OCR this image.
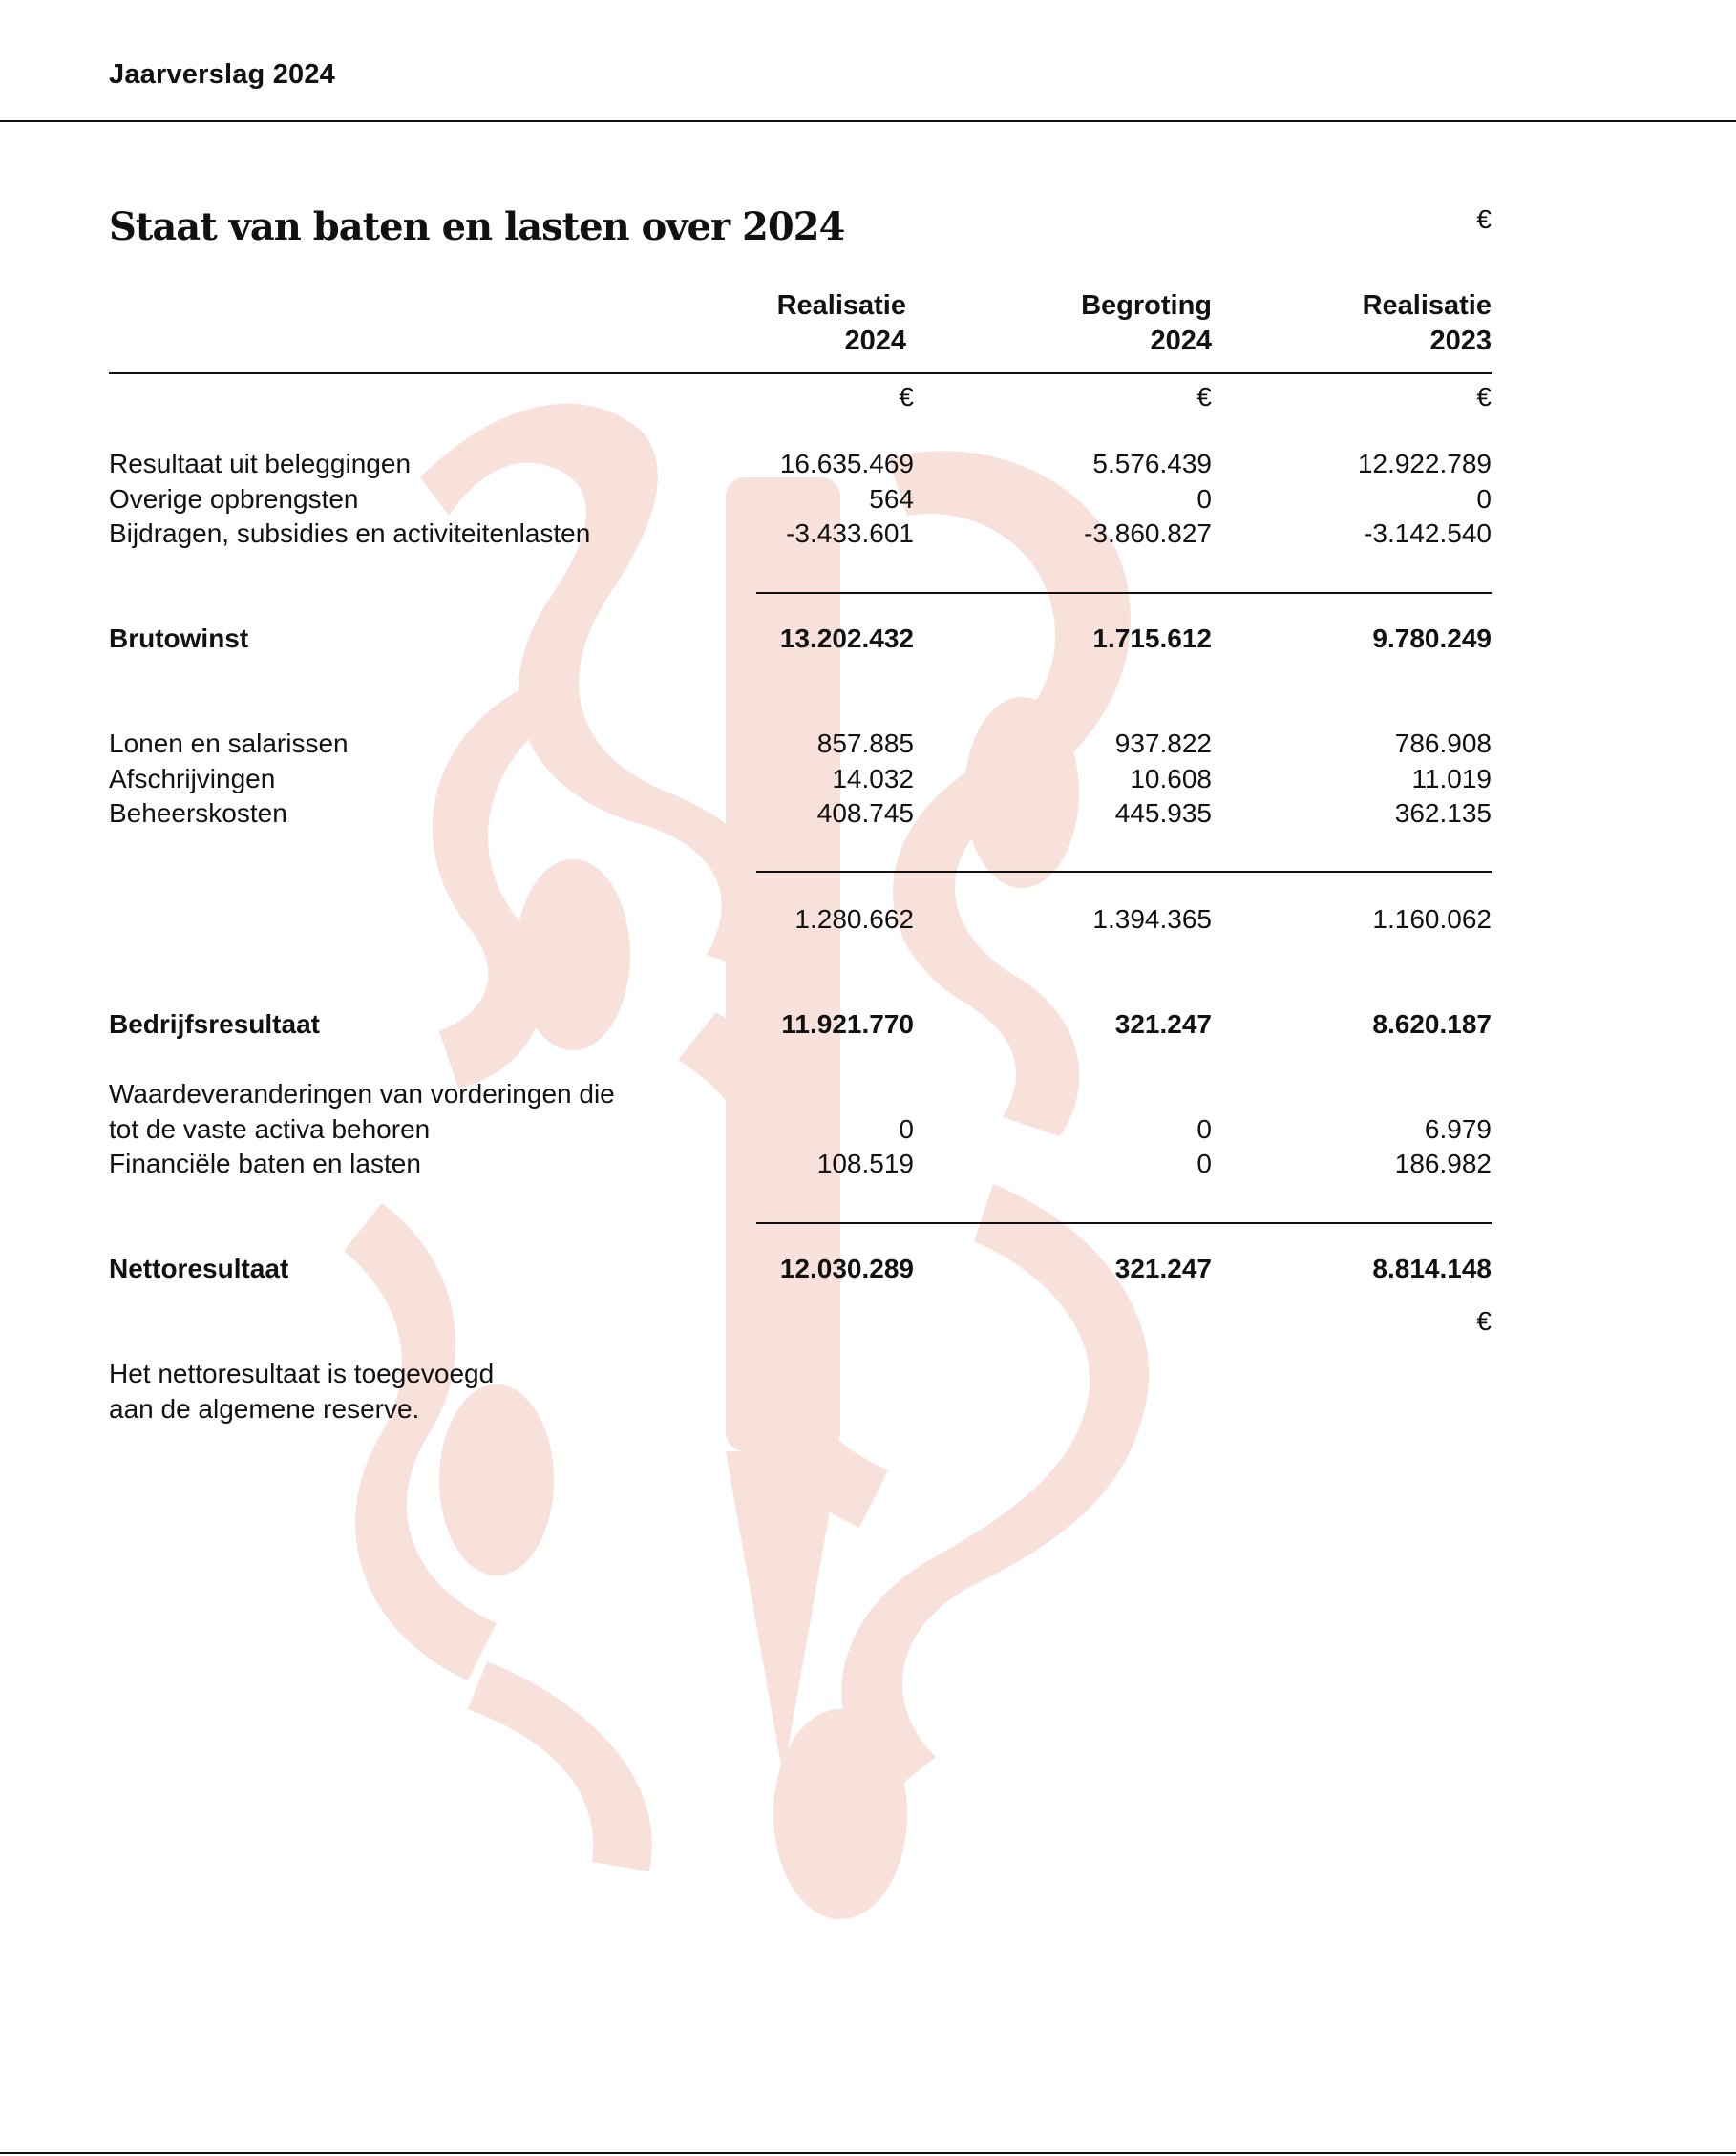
Jaarverslag 2024
Staat van baten en lasten over 2024	€
Realisatie
2024
Begroting
2024
Realisatie
2023
€	€	€
Resultaat uit beleggingen	16.635.469	5.576.439	12.922.789
Overige opbrengsten	564	0	0
Bijdragen, subsidies en activiteitenlasten	-3.433.601	-3.860.827	-3.142.540
Brutowinst	13.202.432	1.715.612	9.780.249
Lonen en salarissen	857.885	937.822	786.908
Afschrijvingen	14.032	10.608	11.019
Beheerskosten	408.745	445.935	362.135
1.280.662	1.394.365	1.160.062
Bedrijfsresultaat	11.921.770	321.247	8.620.187
Waardeveranderingen van vorderingen die
tot de vaste activa behoren	0	0	6.979
Financiële baten en lasten	108.519	0	186.982
Nettoresultaat	12.030.289	321.247	8.814.148
€
Het nettoresultaat is toegevoegd
aan de algemene reserve.
